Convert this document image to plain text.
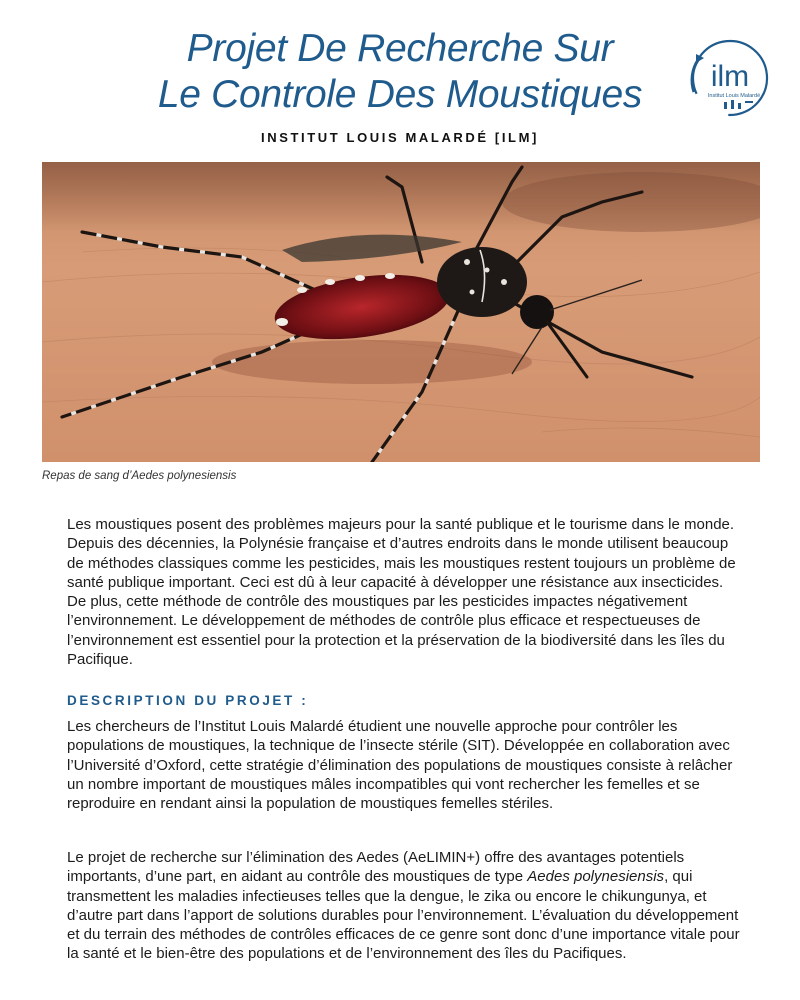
Projet De Recherche Sur
Le Controle Des Moustiques	ilm
Institut Louis Malardé
INSTITUT LOUIS MALARDÉ [ILM]
Repas de sang d’Aedes polynesiensis

Les moustiques posent des problèmes majeurs pour la santé publique et le tourisme dans le monde. Depuis des décennies, la Polynésie française et d’autres endroits dans le monde utilisent beaucoup de méthodes classiques comme les pesticides, mais les moustiques restent toujours un problème de santé publique important. Ceci est dû à leur capacité à développer une résistance aux insecticides. De plus, cette méthode de contrôle des moustiques par les pesticides impactes négativement l’environnement. Le développement de méthodes de contrôle plus efficace et respectueuses de l’environnement est essentiel pour la protection et la préservation de la biodiversité dans les îles du Pacifique.

DESCRIPTION DU PROJET :

Les chercheurs de l’Institut Louis Malardé étudient une nouvelle approche pour contrôler les populations de moustiques, la technique de l’insecte stérile (SIT). Développée en collaboration avec l’Université d’Oxford, cette stratégie d’élimination des populations de moustiques consiste à relâcher un nombre important de moustiques mâles incompatibles qui vont rechercher les femelles et se reproduire en rendant ainsi la population de moustiques femelles stériles.

Le projet de recherche sur l’élimination des Aedes (AeLIMIN+) offre des avantages potentiels importants, d’une part, en aidant au contrôle des moustiques de type Aedes polynesiensis, qui transmettent les maladies infectieuses telles que la dengue, le zika ou encore le chikungunya, et d’autre part dans l’apport de solutions durables pour l’environnement. L’évaluation du développement et du terrain des méthodes de contrôles efficaces de ce genre sont donc d’une importance vitale pour la santé et le bien-être des populations et de l’environnement des îles du Pacifiques.
